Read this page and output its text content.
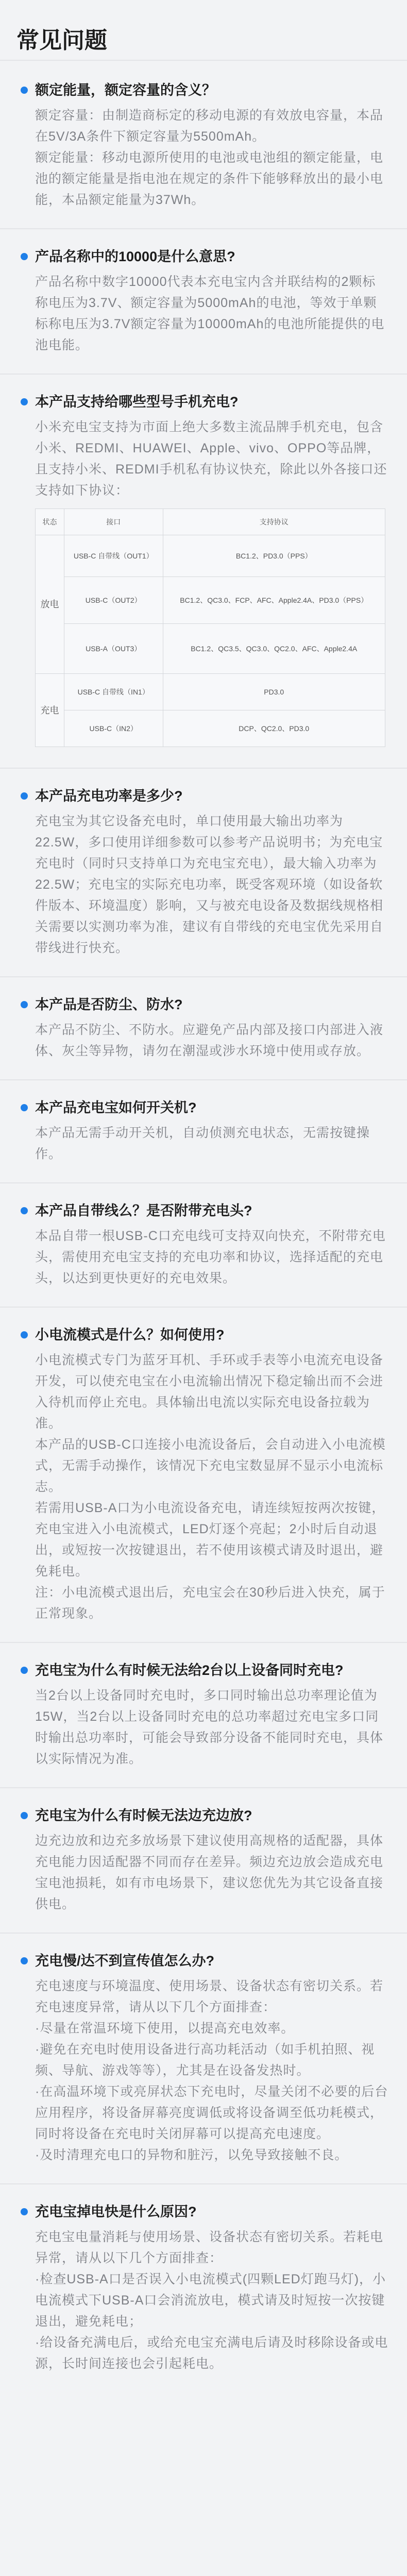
常见问题
额定能量，额定容量的含义？

额定容量：由制造商标定的移动电源的有效放电容量，本品在5V/3A条件下额定容量为5500mAh。

额定能量：移动电源所使用的电池或电池组的额定能量，电池的额定能量是指电池在规定的条件下能够释放出的最小电能，本品额定能量为37Wh。

产品名称中的10000是什么意思?

产品名称中数字10000代表本充电宝内含并联结构的2颗标称电压为3.7V、额定容量为5000mAh的电池，等效于单颗标称电压为3.7V额定容量为10000mAh的电池所能提供的电池电能。

本产品支持给哪些型号手机充电?

小米充电宝支持为市面上绝大多数主流品牌手机充电，包含小米、REDMI、HUAWEI、Apple、vivo、OPPO等品牌，且支持小米、REDMI手机私有协议快充，除此以外各接口还支持如下协议：

状态	接口	支持协议
放电	USB-C 自带线（OUT1）	BC1.2、PD3.0（PPS）
	USB-C（OUT2）	BC1.2、QC3.0、FCP、AFC、Apple2.4A、PD3.0（PPS）
	USB-A（OUT3）	BC1.2、QC3.5、QC3.0、QC2.0、AFC、Apple2.4A
充电	USB-C 自带线（IN1）	PD3.0
	USB-C（IN2）	DCP、QC2.0、PD3.0
本产品充电功率是多少?

充电宝为其它设备充电时，单口使用最大输出功率为22.5W，多口使用详细参数可以参考产品说明书；为充电宝充电时（同时只支持单口为充电宝充电），最大输入功率为22.5W；充电宝的实际充电功率，既受客观环境（如设备软件版本、环境温度）影响，又与被充电设备及数据线规格相关需要以实测功率为准，建议有自带线的充电宝优先采用自带线进行快充。

本产品是否防尘、防水?

本产品不防尘、不防水。应避免产品内部及接口内部进入液体、灰尘等异物，请勿在潮湿或涉水环境中使用或存放。

本产品充电宝如何开关机?

本产品无需手动开关机，自动侦测充电状态，无需按键操作。

本产品自带线么？是否附带充电头?

本品自带一根USB-C口充电线可支持双向快充，不附带充电头，需使用充电宝支持的充电功率和协议，选择适配的充电头，以达到更快更好的充电效果。

小电流模式是什么？如何使用?

小电流模式专门为蓝牙耳机、手环或手表等小电流充电设备开发，可以使充电宝在小电流输出情况下稳定输出而不会进入待机而停止充电。具体输出电流以实际充电设备拉载为准。

本产品的USB-C口连接小电流设备后，会自动进入小电流模式，无需手动操作，该情况下充电宝数显屏不显示小电流标志。

若需用USB-A口为小电流设备充电，请连续短按两次按键，充电宝进入小电流模式，LED灯逐个亮起；2小时后自动退出，或短按一次按键退出，若不使用该模式请及时退出，避免耗电。

注：小电流模式退出后，充电宝会在30秒后进入快充，属于正常现象。

充电宝为什么有时候无法给2台以上设备同时充电?

当2台以上设备同时充电时，多口同时输出总功率理论值为15W，当2台以上设备同时充电的总功率超过充电宝多口同时输出总功率时，可能会导致部分设备不能同时充电，具体以实际情况为准。

充电宝为什么有时候无法边充边放?

边充边放和边充多放场景下建议使用高规格的适配器，具体充电能力因适配器不同而存在差异。频边充边放会造成充电宝电池损耗，如有市电场景下，建议您优先为其它设备直接供电。

充电慢/达不到宣传值怎么办?

充电速度与环境温度、使用场景、设备状态有密切关系。若充电速度异常，请从以下几个方面排查：

·尽量在常温环境下使用，以提高充电效率。

·避免在充电时使用设备进行高功耗活动（如手机拍照、视频、导航、游戏等等），尤其是在设备发热时。

·在高温环境下或亮屏状态下充电时，尽量关闭不必要的后台应用程序，将设备屏幕亮度调低或将设备调至低功耗模式，同时将设备在充电时关闭屏幕可以提高充电速度。

·及时清理充电口的异物和脏污，以免导致接触不良。

充电宝掉电快是什么原因?

充电宝电量消耗与使用场景、设备状态有密切关系。若耗电异常，请从以下几个方面排查：

·检查USB-A口是否误入小电流模式(四颗LED灯跑马灯)，小电流模式下USB-A口会消流放电，模式请及时短按一次按键退出，避免耗电；

·给设备充满电后，或给充电宝充满电后请及时移除设备或电源，长时间连接也会引起耗电。
